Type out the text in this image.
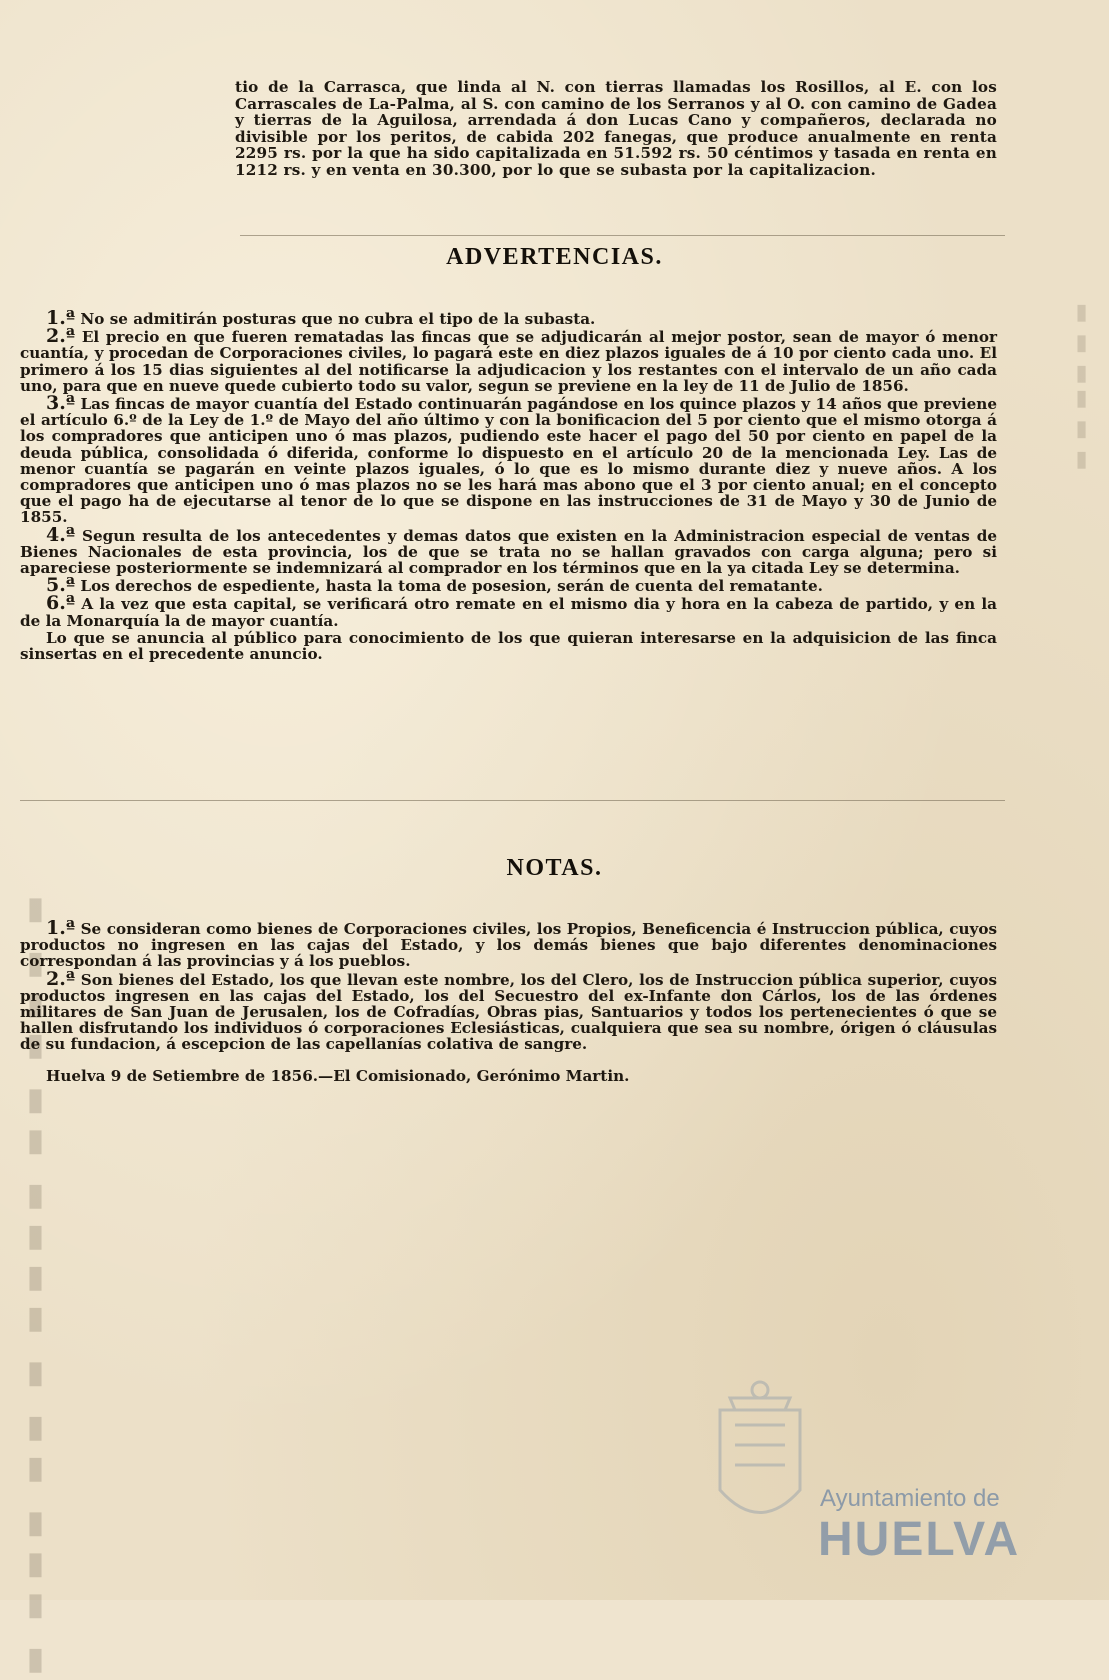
▮ ▮▮▮ ▮▮ ▮ ▮▮▮▮ ▮▮ ▮▮▮ ▮
▮ ▮ ▮▮ ▮ ▮

tio de la Carrasca, que linda al N. con tierras llamadas los Rosillos, al E. con los Carrascales de La-Palma, al S. con camino de los Serranos y al O. con camino de Gadea y tierras de la Aguilosa, arrendada á don Lucas Cano y compañeros, declarada no divisible por los peritos, de cabida 202 fanegas, que produce anualmente en renta 2295 rs. por la que ha sido capitalizada en 51.592 rs. 50 céntimos y tasada en renta en 1212 rs. y en venta en 30.300, por lo que se subasta por la capitalizacion.

ADVERTENCIAS.

1.ª No se admitirán posturas que no cubra el tipo de la subasta.

2.ª El precio en que fueren rematadas las fincas que se adjudicarán al mejor postor, sean de mayor ó menor cuantía, y procedan de Corporaciones civiles, lo pagará este en diez plazos iguales de á 10 por ciento cada uno. El primero á los 15 dias siguientes al del notificarse la adjudicacion y los restantes con el intervalo de un año cada uno, para que en nueve quede cubierto todo su valor, segun se previene en la ley de 11 de Julio de 1856.

3.ª Las fincas de mayor cuantía del Estado continuarán pagándose en los quince plazos y 14 años que previene el artículo 6.º de la Ley de 1.º de Mayo del año último y con la bonificacion del 5 por ciento que el mismo otorga á los compradores que anticipen uno ó mas plazos, pudiendo este hacer el pago del 50 por ciento en papel de la deuda pública, consolidada ó diferida, conforme lo dispuesto en el artículo 20 de la mencionada Ley. Las de menor cuantía se pagarán en veinte plazos iguales, ó lo que es lo mismo durante diez y nueve años. A los compradores que anticipen uno ó mas plazos no se les hará mas abono que el 3 por ciento anual; en el concepto que el pago ha de ejecutarse al tenor de lo que se dispone en las instrucciones de 31 de Mayo y 30 de Junio de 1855.

4.ª Segun resulta de los antecedentes y demas datos que existen en la Administracion especial de ventas de Bienes Nacionales de esta provincia, los de que se trata no se hallan gravados con carga alguna; pero si apareciese posteriormente se indemnizará al comprador en los términos que en la ya citada Ley se determina.

5.ª Los derechos de espediente, hasta la toma de posesion, serán de cuenta del rematante.

6.ª A la vez que esta capital, se verificará otro remate en el mismo dia y hora en la cabeza de partido, y en la de la Monarquía la de mayor cuantía.

Lo que se anuncia al público para conocimiento de los que quieran interesarse en la adquisicion de las finca sinsertas en el precedente anuncio.

NOTAS.

1.ª Se consideran como bienes de Corporaciones civiles, los Propios, Beneficencia é Instruccion pública, cuyos productos no ingresen en las cajas del Estado, y los demás bienes que bajo diferentes denominaciones correspondan á las provincias y á los pueblos.

2.ª Son bienes del Estado, los que llevan este nombre, los del Clero, los de Instruccion pública superior, cuyos productos ingresen en las cajas del Estado, los del Secuestro del ex-Infante don Cárlos, los de las órdenes militares de San Juan de Jerusalen, los de Cofradías, Obras pias, Santuarios y todos los pertenecientes ó que se hallen disfrutando los individuos ó corporaciones Eclesiásticas, cualquiera que sea su nombre, órigen ó cláusulas de su fundacion, á escepcion de las capellanías colativa de sangre.

Huelva 9 de Setiembre de 1856.—El Comisionado, Gerónimo Martin.

Ayuntamiento de
HUELVA
